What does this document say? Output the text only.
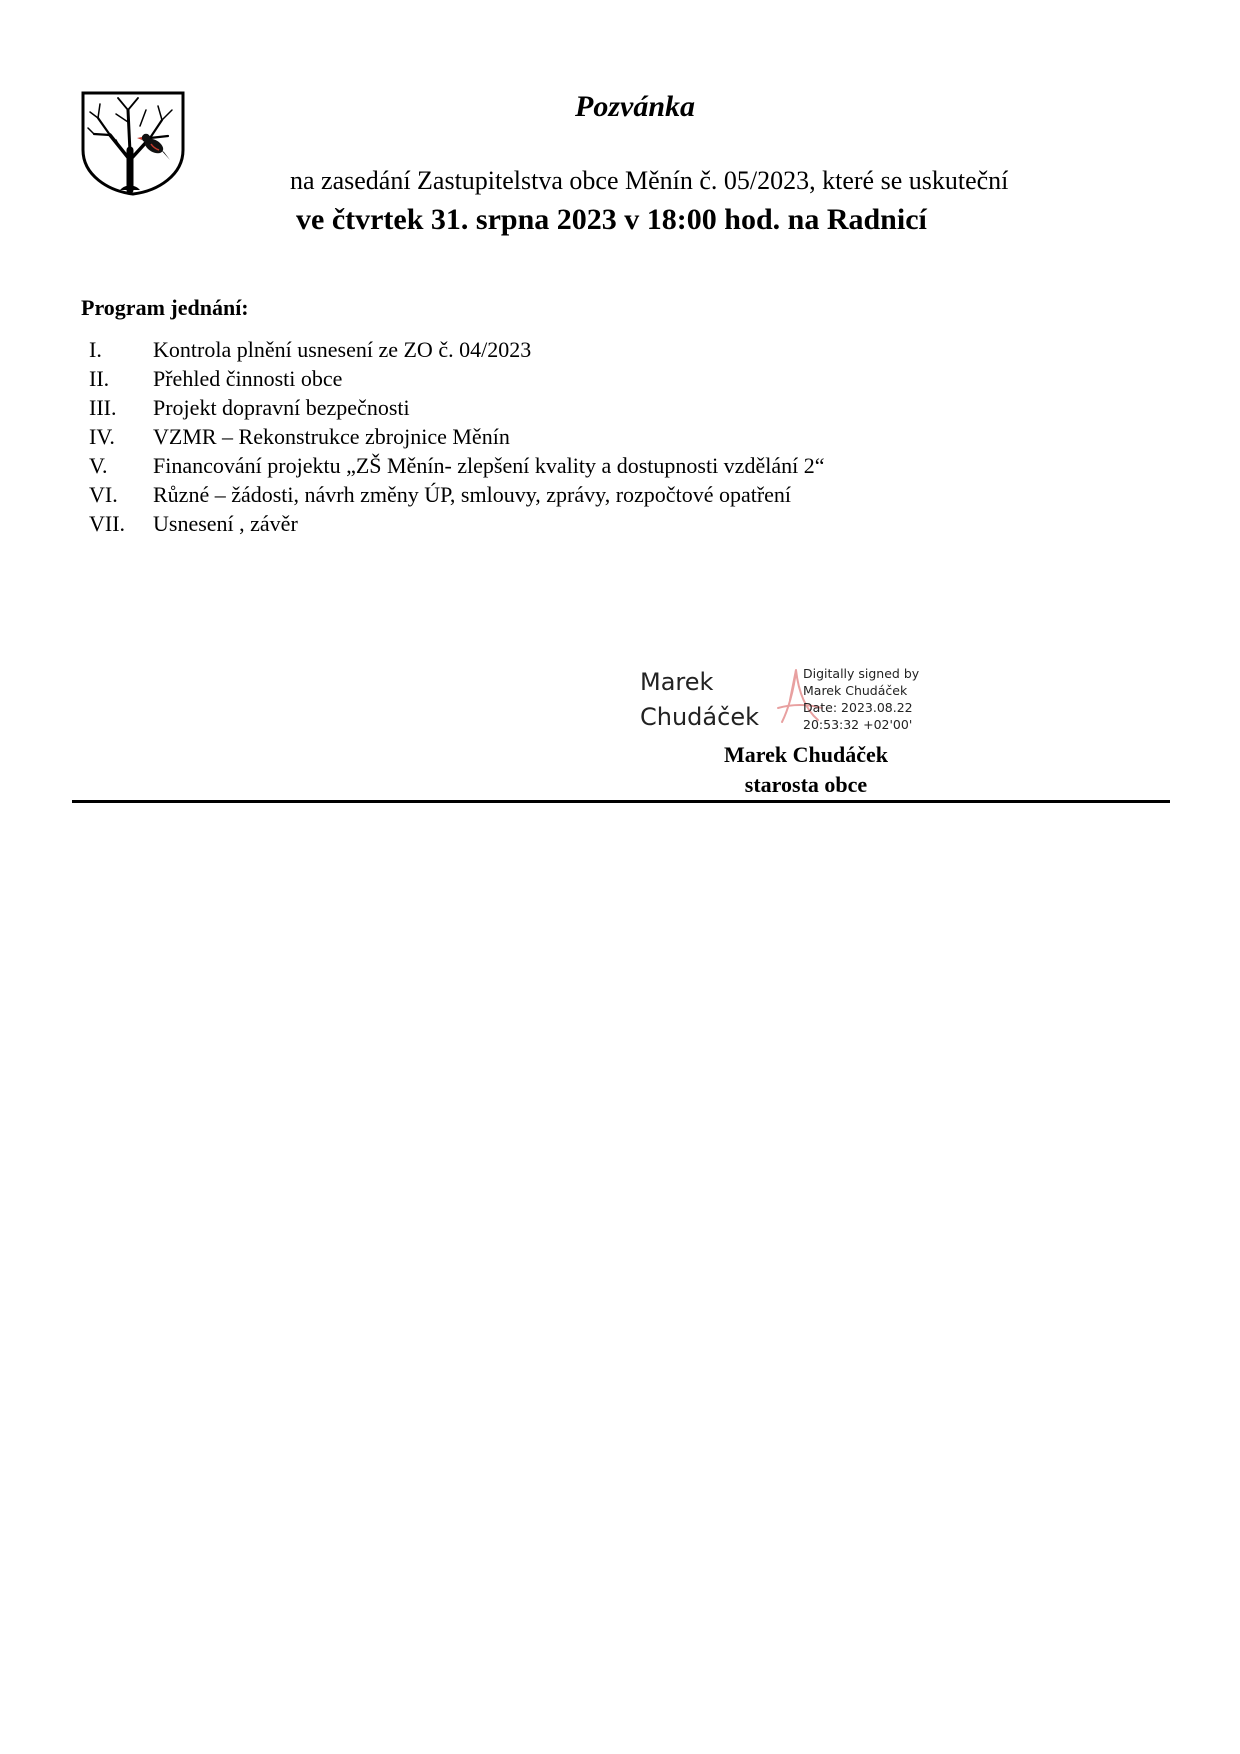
Pozvánka
na zasedání Zastupitelstva obce Měnín č. 05/2023, které se uskuteční
ve čtvrtek 31. srpna 2023 v 18:00 hod. na Radnicí
Program jednání:
I.	Kontrola plnění usnesení ze ZO č. 04/2023
II.	Přehled činnosti obce
III.	Projekt dopravní bezpečnosti
IV.	VZMR – Rekonstrukce zbrojnice Měnín
V.	Financování projektu „ZŠ Měnín- zlepšení kvality a dostupnosti vzdělání 2“
VI.	Různé – žádosti, návrh změny ÚP, smlouvy, zprávy, rozpočtové opatření
VII.	Usnesení , závěr
Marek
Chudáček
Digitally signed by
Marek Chudáček
Date: 2023.08.22
20:53:32 +02'00'
Marek Chudáček
starosta obce
